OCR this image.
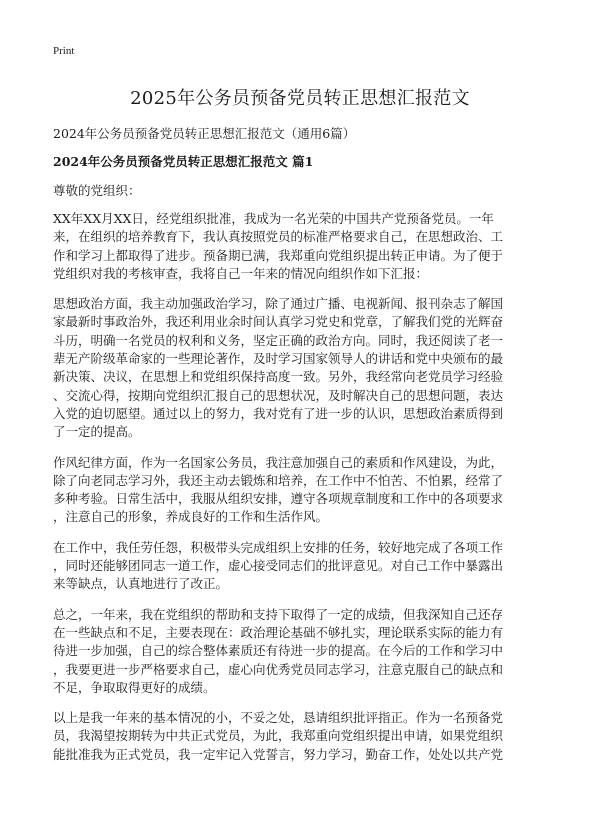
Print
2025年公务员预备党员转正思想汇报范文
2024年公务员预备党员转正思想汇报范文（通用6篇）
2024年公务员预备党员转正思想汇报范文 篇1
尊敬的党组织：

XX年XX月XX日，经党组织批准，我成为一名光荣的中国共产党预备党员。一年
来，在组织的培养教育下，我认真按照党员的标准严格要求自己，在思想政治、工
作和学习上都取得了进步。预备期已满，我郑重向党组织提出转正申请。为了便于
党组织对我的考核审查，我将自己一年来的情况向组织作如下汇报：

思想政治方面，我主动加强政治学习，除了通过广播、电视新闻、报刊杂志了解国
家最新时事政治外，我还利用业余时间认真学习党史和党章，了解我们党的光辉奋
斗历，明确一名党员的权利和义务，坚定正确的政治方向。同时，我还阅读了老一
辈无产阶级革命家的一些理论著作，及时学习国家领导人的讲话和党中央颁布的最
新决策、决议，在思想上和党组织保持高度一致。另外，我经常向老党员学习经验
、交流心得，按期向党组织汇报自己的思想状况，及时解决自己的思想问题，表达
入党的迫切愿望。通过以上的努力，我对党有了进一步的认识，思想政治素质得到
了一定的提高。

作风纪律方面，作为一名国家公务员，我注意加强自己的素质和作风建设，为此，
除了向老同志学习外，我还主动去锻炼和培养，在工作中不怕苦、不怕累，经常了
多种考验。日常生活中，我服从组织安排，遵守各项规章制度和工作中的各项要求
，注意自己的形象，养成良好的工作和生活作风。

在工作中，我任劳任怨，积极带头完成组织上安排的任务，较好地完成了各项工作
，同时还能够团同志一道工作，虚心接受同志们的批评意见。对自己工作中暴露出
来等缺点，认真地进行了改正。

总之，一年来，我在党组织的帮助和支持下取得了一定的成绩，但我深知自己还存
在一些缺点和不足，主要表现在：政治理论基础不够扎实，理论联系实际的能力有
待进一步加强，自己的综合整体素质还有待进一步的提高。在今后的工作和学习中
，我要更进一步严格要求自己，虚心向优秀党员同志学习，注意克服自己的缺点和
不足，争取取得更好的成绩。

以上是我一年来的基本情况的小，不妥之处，恳请组织批评指正。作为一名预备党
员，我渴望按期转为中共正式党员，为此，我郑重向党组织提出申请，如果党组织
能批准我为正式党员，我一定牢记入党誓言，努力学习，勤奋工作，处处以共产党
